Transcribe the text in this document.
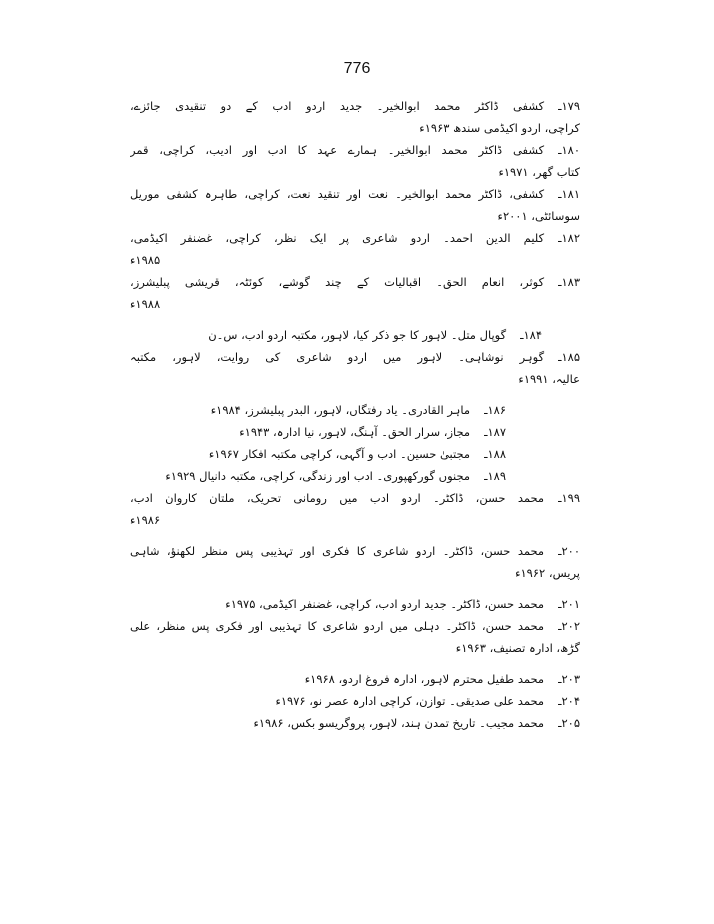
776
۱۷۹ـکشفی ڈاکٹر محمد ابوالخیر۔ جدید اردو ادب کے دو تنقیدی جائزے،
کراچی، اردو اکیڈمی سندھ ۱۹۶۳ء
۱۸۰ـکشفی ڈاکٹر محمد ابوالخیر۔ ہمارے عہد کا ادب اور ادیب، کراچی، قمر
کتاب گھر، ۱۹۷۱ء
۱۸۱ـکشفی، ڈاکٹر محمد ابوالخیر۔ نعت اور تنقید نعت، کراچی، طاہرہ کشفی موریل
سوسائٹی، ۲۰۰۱ء
۱۸۲ـکلیم الدین احمد۔ اردو شاعری پر ایک نظر، کراچی، غضنفر اکیڈمی،
۱۹۸۵ء
۱۸۳ـکوثر، انعام الحق۔ اقبالیات کے چند گوشے، کوئٹہ، قریشی پبلیشرز،
۱۹۸۸ء
۱۸۴ـگوپال متل۔ لاہور کا جو ذکر کیا، لاہور، مکتبہ اردو ادب، س۔ن
۱۸۵ـگوہر نوشاہی۔ لاہور میں اردو شاعری کی روایت، لاہور، مکتبہ
عالیہ، ۱۹۹۱ء
۱۸۶ـماہر القادری۔ یاد رفتگاں، لاہور، البدر پبلیشرز، ۱۹۸۴ء
۱۸۷ـمجاز، سرار الحق۔ آہنگ، لاہور، نیا ادارہ، ۱۹۴۳ء
۱۸۸ـمجتبیٰ حسین۔ ادب و آگہی، کراچی مکتبہ افکار ۱۹۶۷ء
۱۸۹ـمجنوں گورکھپوری۔ ادب اور زندگی، کراچی، مکتبہ دانیال ۱۹۲۹ء
۱۹۹ـمحمد حسن، ڈاکٹر۔ اردو ادب میں رومانی تحریک، ملتان کاروان ادب،
۱۹۸۶ء
۲۰۰ـمحمد حسن، ڈاکٹر۔ اردو شاعری کا فکری اور تہذیبی پس منظر لکھنؤ، شاہی
پریس، ۱۹۶۲ء
۲۰۱ـمحمد حسن، ڈاکٹر۔ جدید اردو ادب، کراچی، غضنفر اکیڈمی، ۱۹۷۵ء
۲۰۲ـمحمد حسن، ڈاکٹر۔ دہلی میں اردو شاعری کا تہذیبی اور فکری پس منظر، علی
گڑھ، ادارہ تصنیف، ۱۹۶۳ء
۲۰۳ـمحمد طفیل محترم لاہور، ادارہ فروغ اردو، ۱۹۶۸ء
۲۰۴ـمحمد علی صدیقی۔ توازن، کراچی ادارہ عصر نو، ۱۹۷۶ء
۲۰۵ـمحمد مجیب۔ تاریخ تمدن ہند، لاہور، پروگریسو بکس، ۱۹۸۶ء
